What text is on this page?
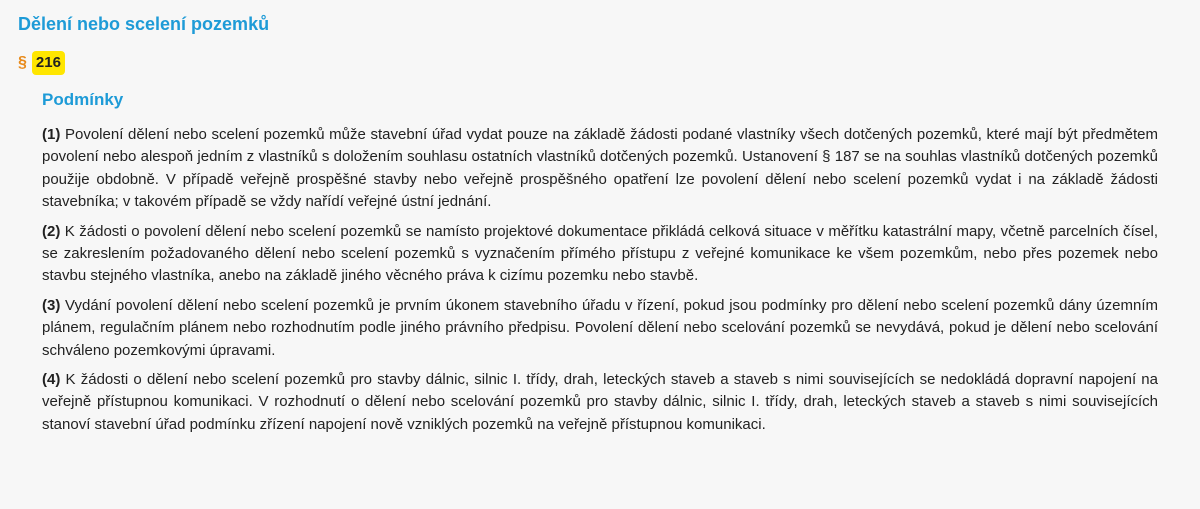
Dělení nebo scelení pozemků
§ 216
Podmínky

(1) Povolení dělení nebo scelení pozemků může stavební úřad vydat pouze na základě žádosti podané vlastníky všech dotčených pozemků, které mají být předmětem povolení nebo alespoň jedním z vlastníků s doložením souhlasu ostatních vlastníků dotčených pozemků. Ustanovení § 187 se na souhlas vlastníků dotčených pozemků použije obdobně. V případě veřejně prospěšné stavby nebo veřejně prospěšného opatření lze povolení dělení nebo scelení pozemků vydat i na základě žádosti stavebníka; v takovém případě se vždy nařídí veřejné ústní jednání.

(2) K žádosti o povolení dělení nebo scelení pozemků se namísto projektové dokumentace přikládá celková situace v měřítku katastrální mapy, včetně parcelních čísel, se zakreslením požadovaného dělení nebo scelení pozemků s vyznačením přímého přístupu z veřejné komunikace ke všem pozemkům, nebo přes pozemek nebo stavbu stejného vlastníka, anebo na základě jiného věcného práva k cizímu pozemku nebo stavbě.

(3) Vydání povolení dělení nebo scelení pozemků je prvním úkonem stavebního úřadu v řízení, pokud jsou podmínky pro dělení nebo scelení pozemků dány územním plánem, regulačním plánem nebo rozhodnutím podle jiného právního předpisu. Povolení dělení nebo scelování pozemků se nevydává, pokud je dělení nebo scelování schváleno pozemkovými úpravami.

(4) K žádosti o dělení nebo scelení pozemků pro stavby dálnic, silnic I. třídy, drah, leteckých staveb a staveb s nimi souvisejících se nedokládá dopravní napojení na veřejně přístupnou komunikaci. V rozhodnutí o dělení nebo scelování pozemků pro stavby dálnic, silnic I. třídy, drah, leteckých staveb a staveb s nimi souvisejících stanoví stavební úřad podmínku zřízení napojení nově vzniklých pozemků na veřejně přístupnou komunikaci.
